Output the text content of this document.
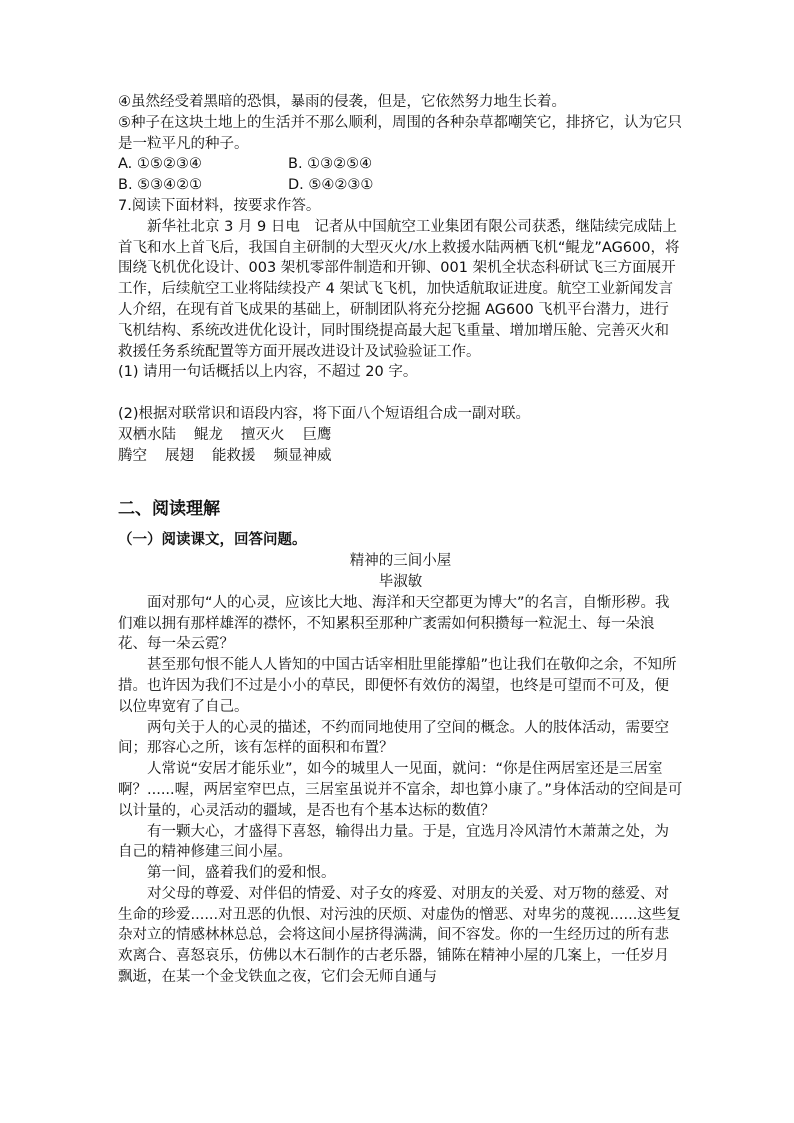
④虽然经受着黑暗的恐惧，暴雨的侵袭，但是，它依然努力地生长着。

⑤种子在这块土地上的生活并不那么顺利，周围的各种杂草都嘲笑它，排挤它，认为它只是一粒平凡的种子。

A. ①⑤②③④	B. ①③②⑤④
B. ⑤③④②①	D. ⑤④②③①

7.阅读下面材料，按要求作答。

新华社北京 3 月 9 日电　记者从中国航空工业集团有限公司获悉，继陆续完成陆上首飞和水上首飞后，我国自主研制的大型灭火/水上救援水陆两栖飞机“鲲龙”AG600，将围绕飞机优化设计、003 架机零部件制造和开铆、001 架机全状态科研试飞三方面展开工作，后续航空工业将陆续投产 4 架试飞飞机，加快适航取证进度。航空工业新闻发言人介绍，在现有首飞成果的基础上，研制团队将充分挖掘 AG600 飞机平台潜力，进行飞机结构、系统改进优化设计，同时围绕提高最大起飞重量、增加增压舱、完善灭火和救援任务系统配置等方面开展改进设计及试验验证工作。

(1) 请用一句话概括以上内容，不超过 20 字。

(2)根据对联常识和语段内容，将下面八个短语组合成一副对联。

双栖水陆 鲲龙 擅灭火 巨鹰
腾空 展翅 能救援 频显神威

二、阅读理解

（一）阅读课文，回答问题。

精神的三间小屋

毕淑敏

面对那句“人的心灵，应该比大地、海洋和天空都更为博大”的名言，自惭形秽。我们难以拥有那样雄浑的襟怀，不知累积至那种广袤需如何积攒每一粒泥土、每一朵浪花、每一朵云霓？

甚至那句恨不能人人皆知的中国古话宰相肚里能撑船”也让我们在敬仰之余，不知所措。也许因为我们不过是小小的草民，即便怀有效仿的渴望，也终是可望而不可及，便以位卑宽宥了自己。

两句关于人的心灵的描述，不约而同地使用了空间的概念。人的肢体活动，需要空间；那容心之所，该有怎样的面积和布置？

人常说“安居才能乐业”，如今的城里人一见面，就问：“你是住两居室还是三居室啊？......喔，两居室窄巴点，三居室虽说并不富余，却也算小康了。”身体活动的空间是可以计量的，心灵活动的疆域，是否也有个基本达标的数值？

有一颗大心，才盛得下喜怒，输得出力量。于是，宜选月冷风清竹木萧萧之处，为自己的精神修建三间小屋。

第一间，盛着我们的爱和恨。

对父母的尊爱、对伴侣的情爱、对子女的疼爱、对朋友的关爱、对万物的慈爱、对生命的珍爱......对丑恶的仇恨、对污浊的厌烦、对虚伪的憎恶、对卑劣的蔑视......这些复杂对立的情感林林总总，会将这间小屋挤得满满，间不容发。你的一生经历过的所有悲欢离合、喜怒哀乐，仿佛以木石制作的古老乐器，铺陈在精神小屋的几案上，一任岁月飘逝，在某一个金戈铁血之夜，它们会无师自通与
